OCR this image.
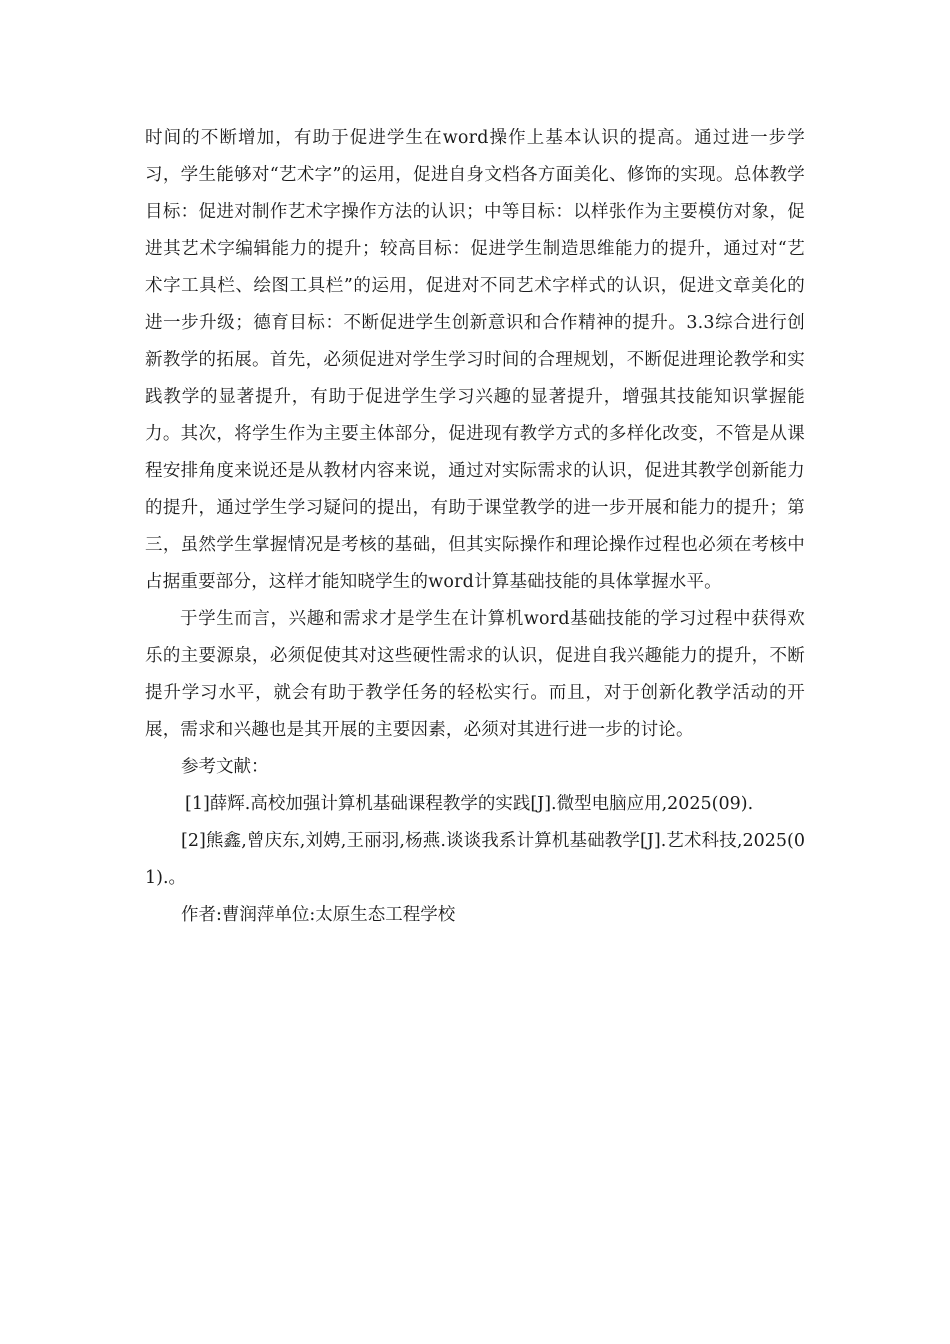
时间的不断增加，有助于促进学生在word操作上基本认识的提高。通过进一步学习，学生能够对“艺术字”的运用，促进自身文档各方面美化、修饰的实现。总体教学目标：促进对制作艺术字操作方法的认识；中等目标：以样张作为主要模仿对象，促进其艺术字编辑能力的提升；较高目标：促进学生制造思维能力的提升，通过对“艺术字工具栏、绘图工具栏”的运用，促进对不同艺术字样式的认识，促进文章美化的进一步升级；德育目标：不断促进学生创新意识和合作精神的提升。3.3综合进行创新教学的拓展。首先，必须促进对学生学习时间的合理规划，不断促进理论教学和实践教学的显著提升，有助于促进学生学习兴趣的显著提升，增强其技能知识掌握能力。其次，将学生作为主要主体部分，促进现有教学方式的多样化改变，不管是从课程安排角度来说还是从教材内容来说，通过对实际需求的认识，促进其教学创新能力的提升，通过学生学习疑问的提出，有助于课堂教学的进一步开展和能力的提升；第三，虽然学生掌握情况是考核的基础，但其实际操作和理论操作过程也必须在考核中占据重要部分，这样才能知晓学生的word计算基础技能的具体掌握水平。

于学生而言，兴趣和需求才是学生在计算机word基础技能的学习过程中获得欢乐的主要源泉，必须促使其对这些硬性需求的认识，促进自我兴趣能力的提升，不断提升学习水平，就会有助于教学任务的轻松实行。而且，对于创新化教学活动的开展，需求和兴趣也是其开展的主要因素，必须对其进行进一步的讨论。

参考文献：

[1]薛辉.高校加强计算机基础课程教学的实践[J].微型电脑应用,2025(09).

[2]熊鑫,曾庆东,刘娉,王丽羽,杨燕.谈谈我系计算机基础教学[J].艺术科技,2025(01).。

作者:曹润萍单位:太原生态工程学校
